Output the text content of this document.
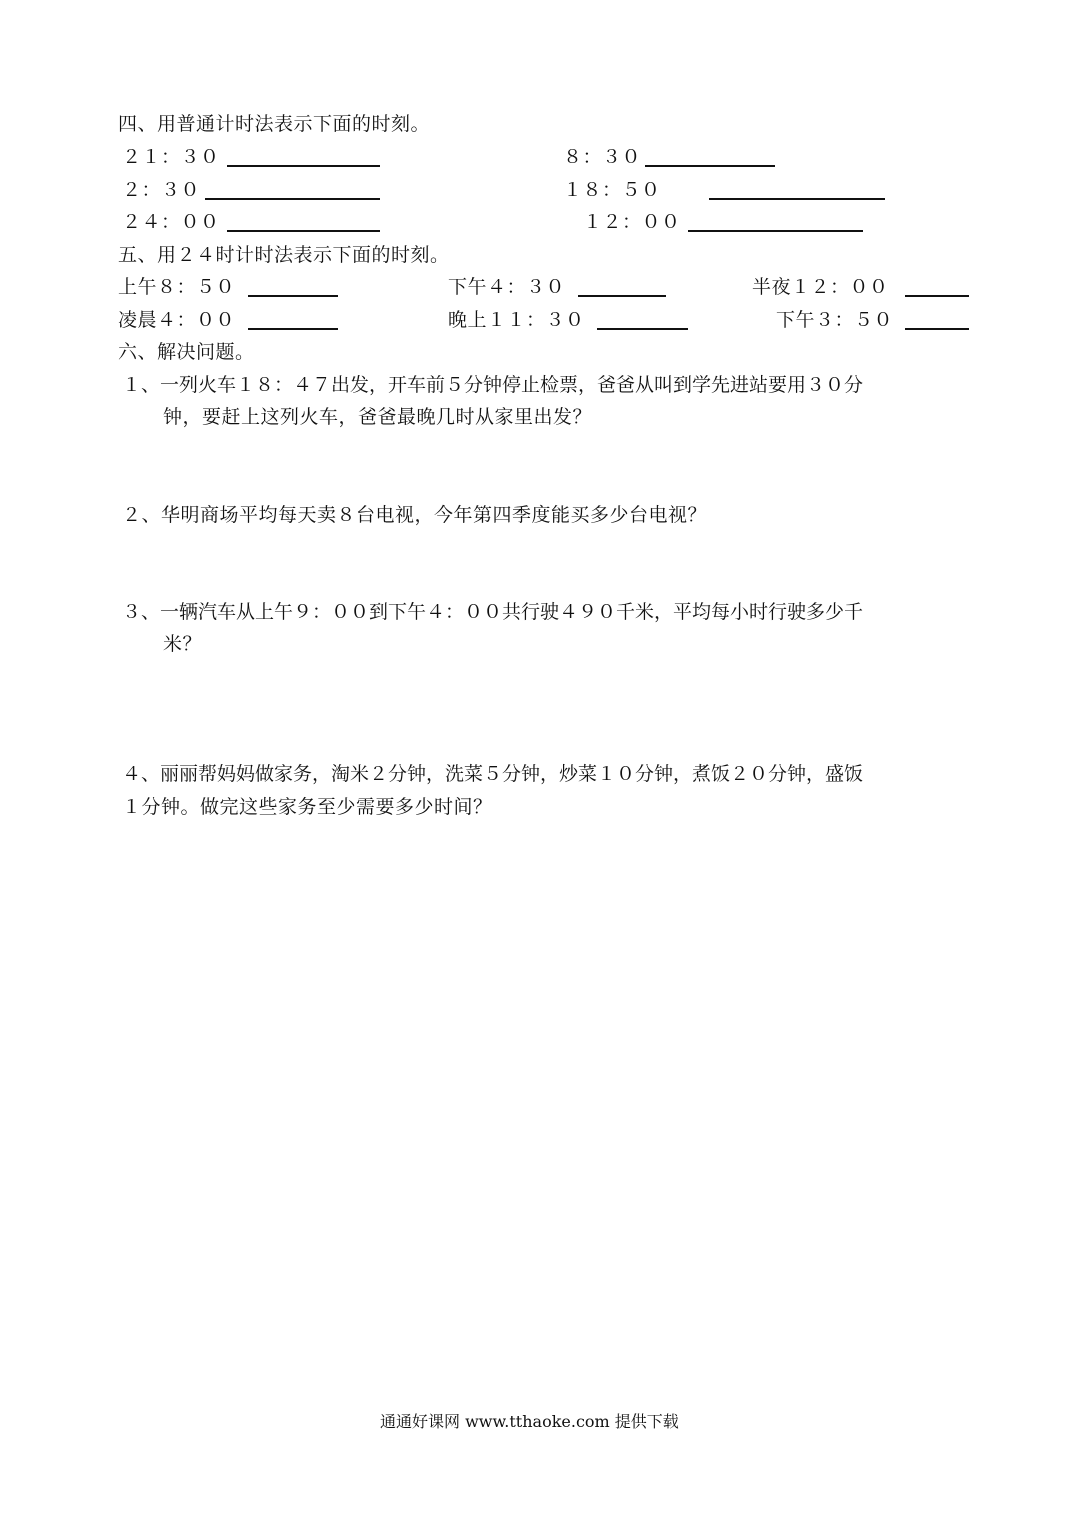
四、用普通计时法表示下面的时刻。
２１：３０	８：３０
２：３０	１８：５０
２４：００	１２：００
五、用２４时计时法表示下面的时刻。
上午８：５０	下午４：３０	半夜１２：００
凌晨４：００	晚上１１：３０	下午３：５０
六、解决问题。
１、一列火车１８：４７出发，开车前５分钟停止检票，爸爸从叫到学先进站要用３０分
钟，要赶上这列火车，爸爸最晚几时从家里出发？
２、华明商场平均每天卖８台电视，今年第四季度能买多少台电视？
３、一辆汽车从上午９：００到下午４：００共行驶４９０千米，平均每小时行驶多少千
米？
４、丽丽帮妈妈做家务，淘米２分钟，洗菜５分钟，炒菜１０分钟，煮饭２０分钟，盛饭
１分钟。做完这些家务至少需要多少时间？
通通好课网 www.tthaoke.com 提供下载
